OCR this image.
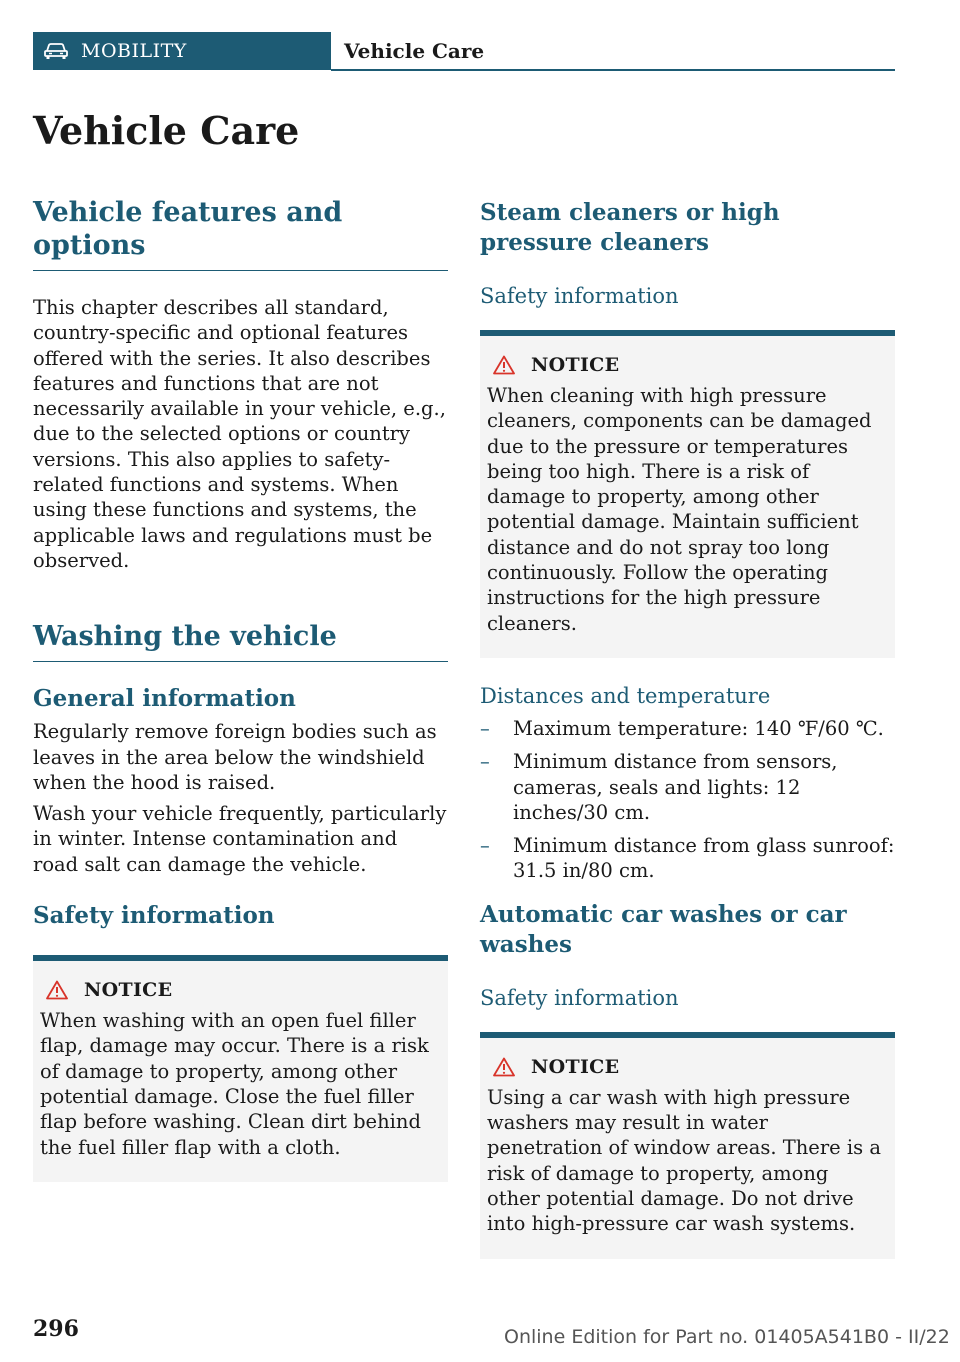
MOBILITY	Vehicle Care
Vehicle Care
Vehicle features and options

This chapter describes all standard, country-specific and optional features offered with the series. It also describes features and functions that are not necessarily available in your vehicle, e.g., due to the selected options or country versions. This also applies to safety-related functions and systems. When using these functions and systems, the applicable laws and regulations must be observed.

Washing the vehicle
General information

Regularly remove foreign bodies such as leaves in the area below the windshield when the hood is raised.

Wash your vehicle frequently, particularly in winter. Intense contamination and road salt can damage the vehicle.

Safety information
NOTICE

When washing with an open fuel filler flap, damage may occur. There is a risk of damage to property, among other potential damage. Close the fuel filler flap before washing. Clean dirt behind the fuel filler flap with a cloth.

Steam cleaners or high pressure cleaners
Safety information
NOTICE

When cleaning with high pressure cleaners, components can be damaged due to the pressure or temperatures being too high. There is a risk of damage to property, among other potential damage. Maintain sufficient distance and do not spray too long continuously. Follow the operating instructions for the high pressure cleaners.

Distances and temperature
– Maximum temperature: 140 ℉/60 ℃.
– Minimum distance from sensors, cameras, seals and lights: 12 inches/30 cm.
– Minimum distance from glass sunroof: 31.5 in/80 cm.
Automatic car washes or car washes
Safety information
NOTICE

Using a car wash with high pressure washers may result in water penetration of window areas. There is a risk of damage to property, among other potential damage. Do not drive into high-pressure car wash systems.

296	Online Edition for Part no. 01405A541B0 - II/22
